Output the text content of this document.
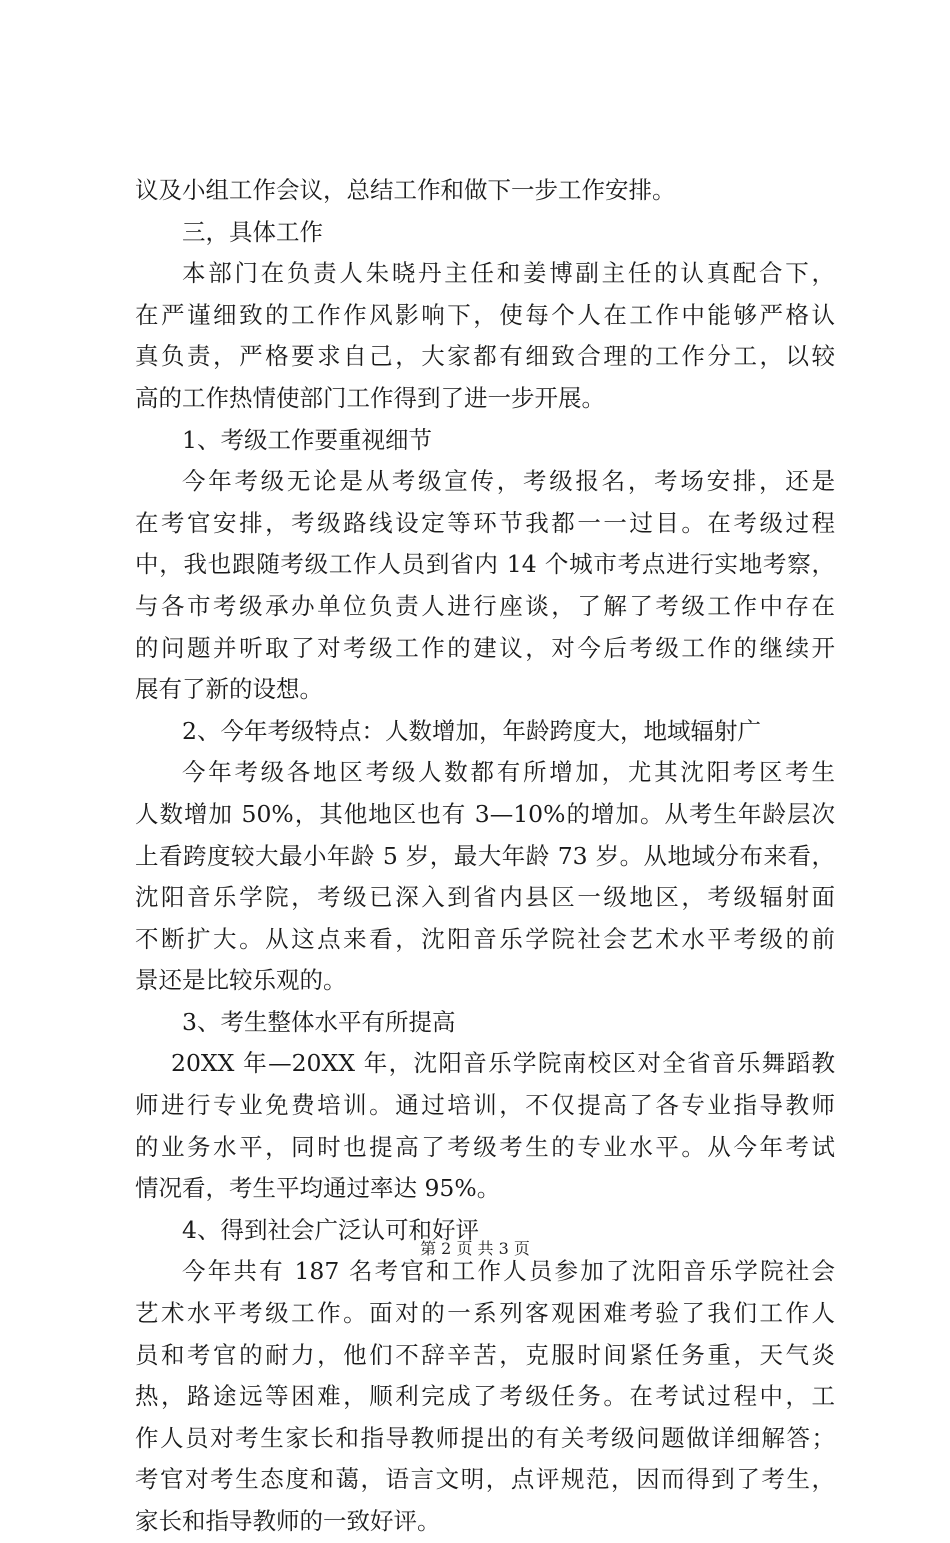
议及小组工作会议，总结工作和做下一步工作安排。
三，具体工作
本部门在负责人朱晓丹主任和姜博副主任的认真配合下，
在严谨细致的工作作风影响下，使每个人在工作中能够严格认
真负责，严格要求自己，大家都有细致合理的工作分工，以较
高的工作热情使部门工作得到了进一步开展。
1、考级工作要重视细节
今年考级无论是从考级宣传，考级报名，考场安排，还是
在考官安排，考级路线设定等环节我都一一过目。在考级过程
中，我也跟随考级工作人员到省内 14 个城市考点进行实地考察，
与各市考级承办单位负责人进行座谈，了解了考级工作中存在
的问题并听取了对考级工作的建议，对今后考级工作的继续开
展有了新的设想。
2、今年考级特点：人数增加，年龄跨度大，地域辐射广
今年考级各地区考级人数都有所增加，尤其沈阳考区考生
人数增加 50%，其他地区也有 3—10%的增加。从考生年龄层次
上看跨度较大最小年龄 5 岁，最大年龄 73 岁。从地域分布来看，
沈阳音乐学院，考级已深入到省内县区一级地区，考级辐射面
不断扩大。从这点来看，沈阳音乐学院社会艺术水平考级的前
景还是比较乐观的。
3、考生整体水平有所提高
20XX 年—20XX 年，沈阳音乐学院南校区对全省音乐舞蹈教
师进行专业免费培训。通过培训，不仅提高了各专业指导教师
的业务水平，同时也提高了考级考生的专业水平。从今年考试
情况看，考生平均通过率达 95%。
4、得到社会广泛认可和好评
今年共有 187 名考官和工作人员参加了沈阳音乐学院社会
艺术水平考级工作。面对的一系列客观困难考验了我们工作人
员和考官的耐力，他们不辞辛苦，克服时间紧任务重，天气炎
热，路途远等困难，顺利完成了考级任务。在考试过程中，工
作人员对考生家长和指导教师提出的有关考级问题做详细解答；
考官对考生态度和蔼，语言文明，点评规范，因而得到了考生，
家长和指导教师的一致好评。
第 2 页 共 3 页
